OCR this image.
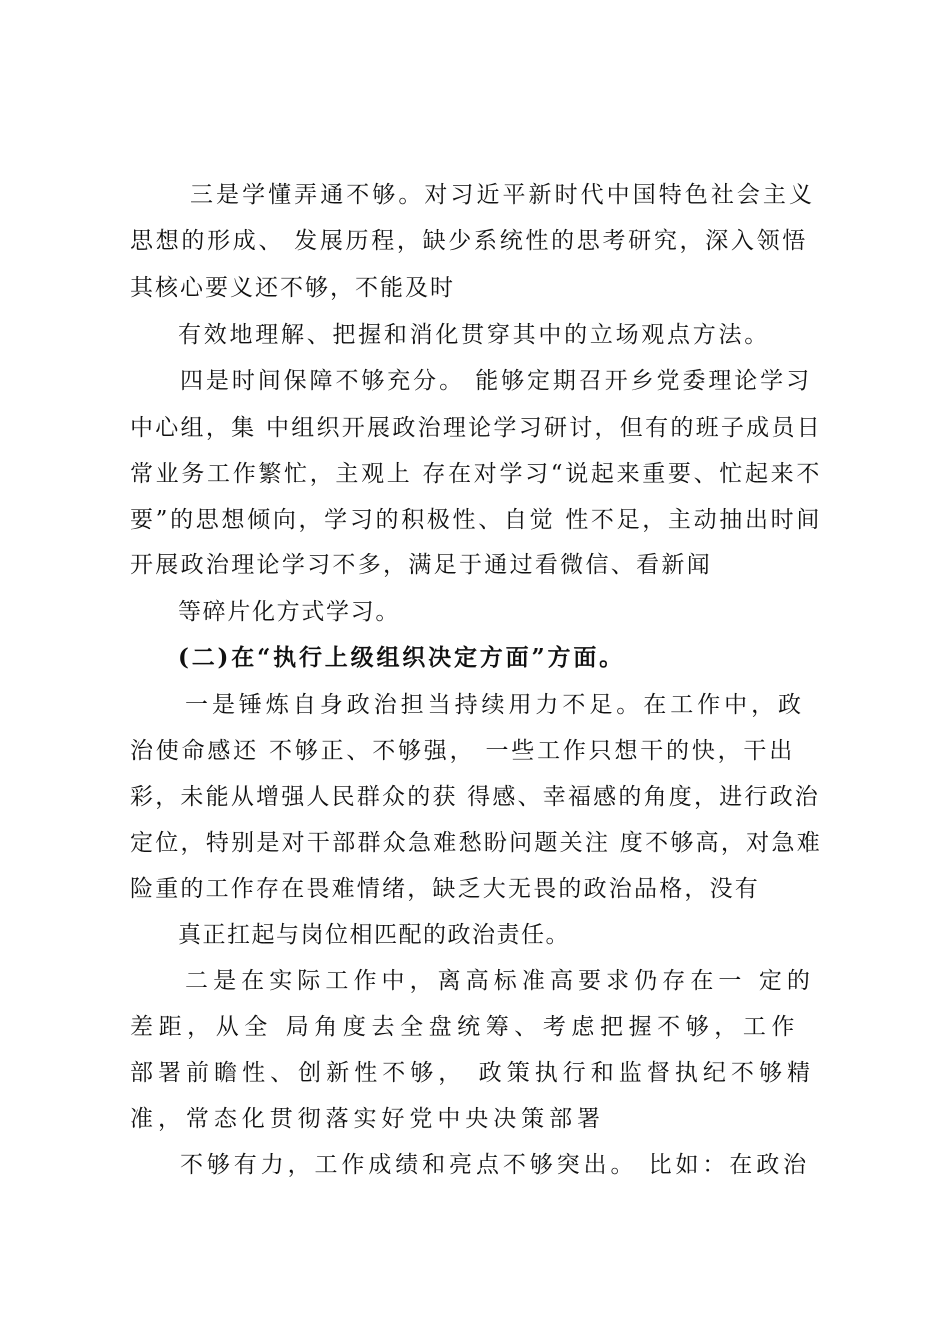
三是学懂弄通不够。对习近平新时代中国特色社会主义
思想的形成、 发展历程，缺少系统性的思考研究，深入领悟
其核心要义还不够，不能及时
有效地理解、把握和消化贯穿其中的立场观点方法。
四是时间保障不够充分。 能够定期召开乡党委理论学习
中心组，集 中组织开展政治理论学习研讨，但有的班子成员日
常业务工作繁忙，主观上 存在对学习“说起来重要、忙起来不
要”的思想倾向，学习的积极性、自觉 性不足，主动抽出时间
开展政治理论学习不多，满足于通过看微信、看新闻
等碎片化方式学习。
(二)在“执行上级组织决定方面”方面。
一是锤炼自身政治担当持续用力不足。在工作中，政
治使命感还 不够正、不够强， 一些工作只想干的快，干出
彩，未能从增强人民群众的获 得感、幸福感的角度，进行政治
定位，特别是对干部群众急难愁盼问题关注 度不够高，对急难
险重的工作存在畏难情绪，缺乏大无畏的政治品格，没有
真正扛起与岗位相匹配的政治责任。
二是在实际工作中，离高标准高要求仍存在一 定的
差距，从全 局角度去全盘统筹、考虑把握不够，工作
部署前瞻性、创新性不够， 政策执行和监督执纪不够精
准，常态化贯彻落实好党中央决策部署
不够有力，工作成绩和亮点不够突出。 比如：在政治
